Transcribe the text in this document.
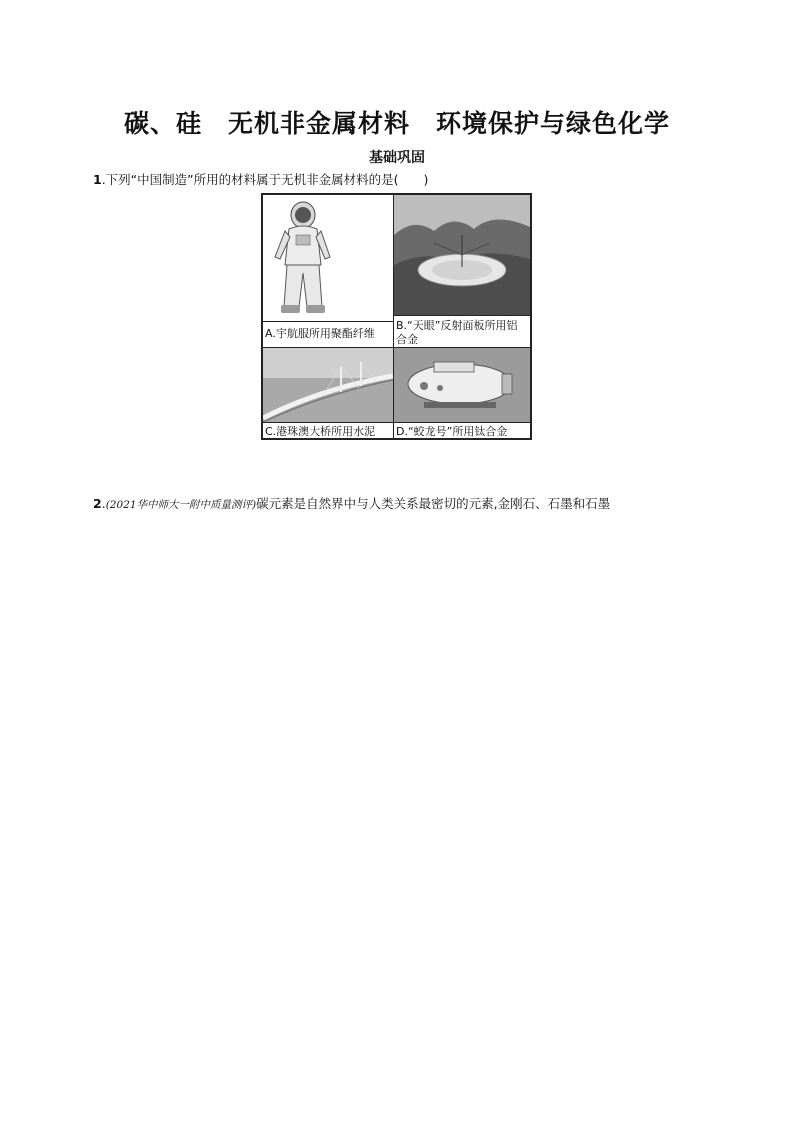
碳、硅　无机非金属材料　环境保护与绿色化学
基础巩固
1.下列“中国制造”所用的材料属于无机非金属材料的是(　　)
A.宇航服所用聚酯纤维
B.“天眼”反射面板所用铝
合金
C.港珠澳大桥所用水泥 D.“蛟龙号”所用钛合金
2.(2021华中师大一附中质量测评)碳元素是自然界中与人类关系最密切的元素,金刚石、石墨和石墨
